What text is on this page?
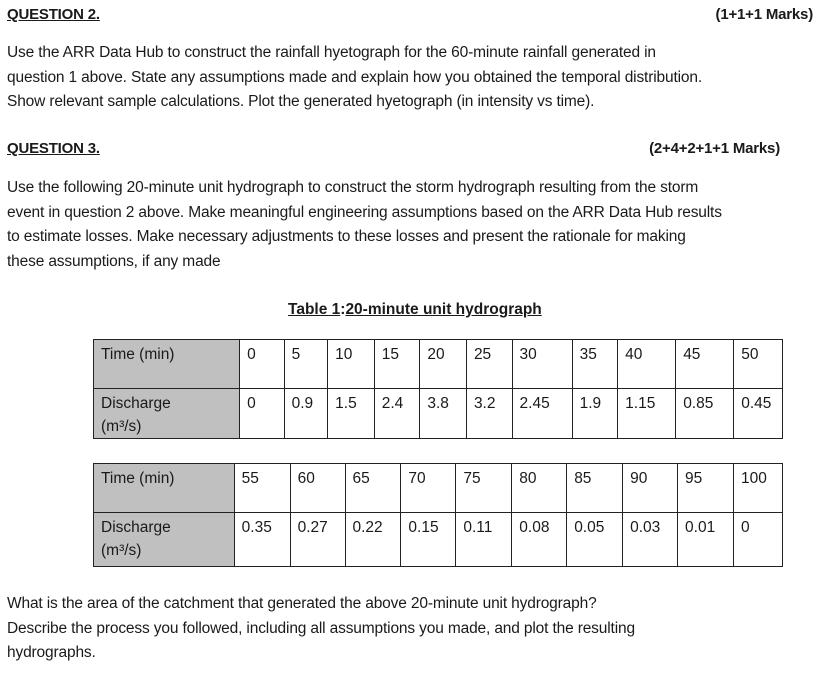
QUESTION 2.	(1+1+1 Marks)
Use the ARR Data Hub to construct the rainfall hyetograph for the 60-minute rainfall generated in
question 1 above. State any assumptions made and explain how you obtained the temporal distribution.
Show relevant sample calculations. Plot the generated hyetograph (in intensity vs time).
QUESTION 3.	(2+4+2+1+1 Marks)
Use the following 20-minute unit hydrograph to construct the storm hydrograph resulting from the storm
event in question 2 above. Make meaningful engineering assumptions based on the ARR Data Hub results
to estimate losses. Make necessary adjustments to these losses and present the rationale for making
these assumptions, if any made
Table 1:20-minute unit hydrograph
Time (min)	0	5	10	15	20	25	30	35	40	45	50

Discharge
(m³/s)	0	0.9	1.5	2.4	3.8	3.2	2.45	1.9	1.15	0.85	0.45
Time (min)	55	60	65	70	75	80	85	90	95	100

Discharge
(m³/s)	0.35	0.27	0.22	0.15	0.11	0.08	0.05	0.03	0.01	0
What is the area of the catchment that generated the above 20-minute unit hydrograph?
Describe the process you followed, including all assumptions you made, and plot the resulting
hydrographs.
